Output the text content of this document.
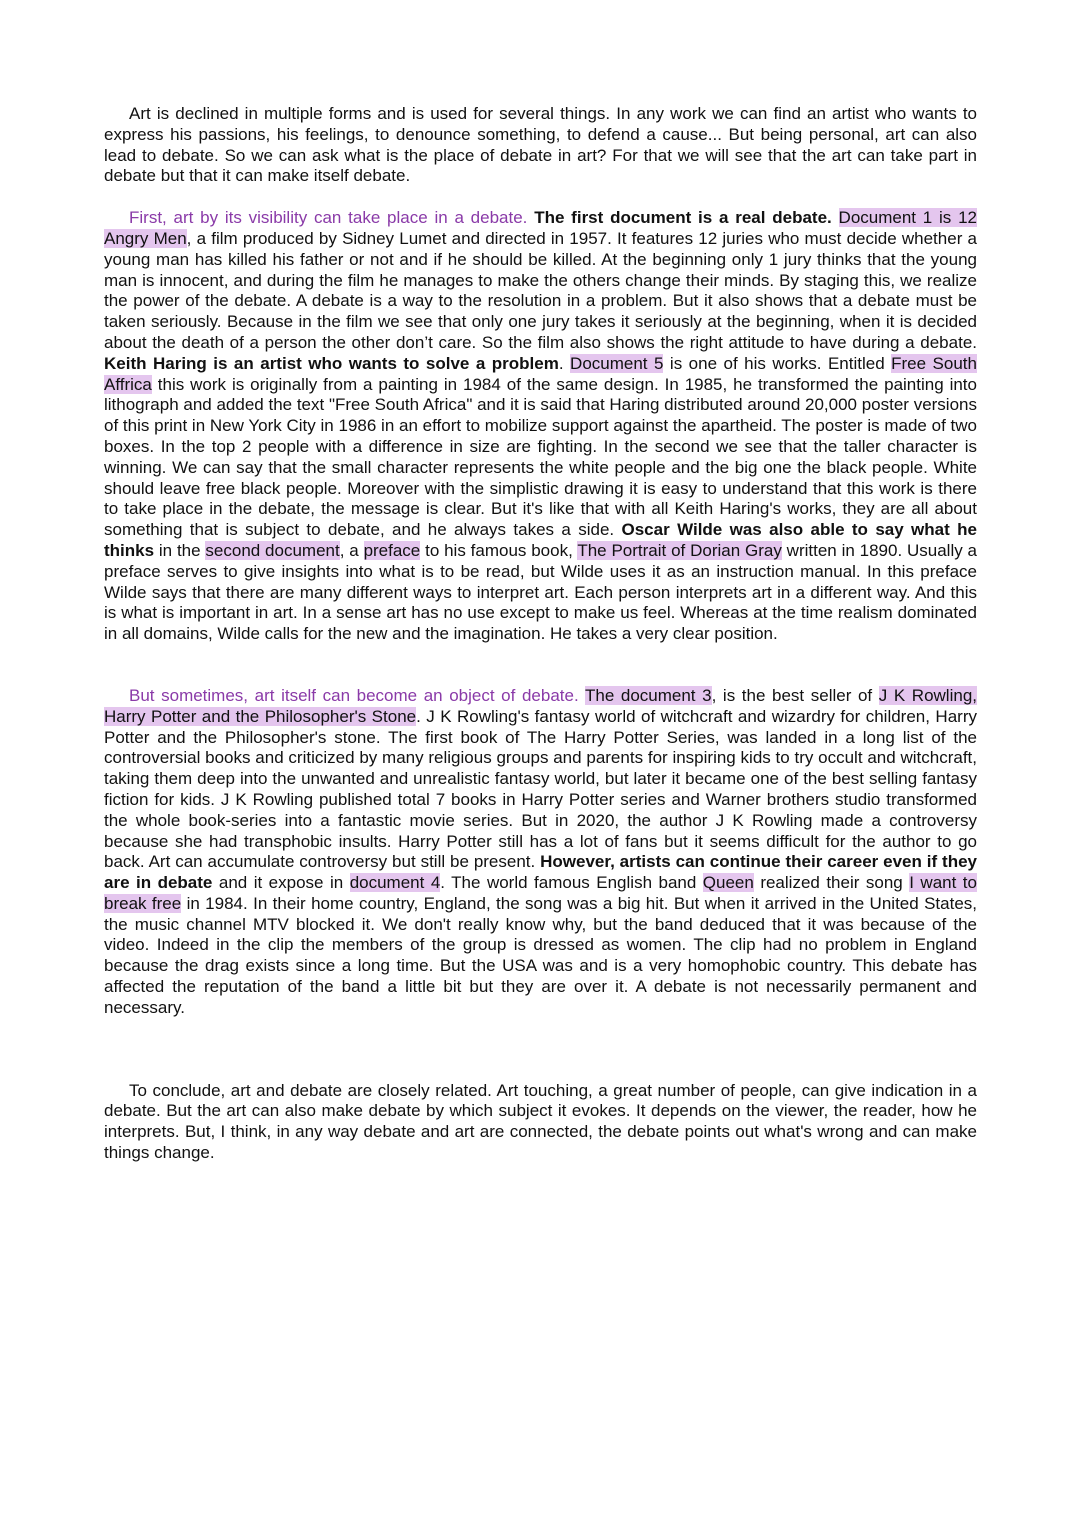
Art is declined in multiple forms and is used for several things. In any work we can find an artist who wants to express his passions, his feelings, to denounce something, to defend a cause... But being personal, art can also lead to debate. So we can ask what is the place of debate in art? For that we will see that the art can take part in debate but that it can make itself debate.

First, art by its visibility can take place in a debate. The first document is a real debate. Document 1 is 12 Angry Men, a film produced by Sidney Lumet and directed in 1957. It features 12 juries who must decide whether a young man has killed his father or not and if he should be killed. At the beginning only 1 jury thinks that the young man is innocent, and during the film he manages to make the others change their minds. By staging this, we realize the power of the debate. A debate is a way to the resolution in a problem. But it also shows that a debate must be taken seriously. Because in the film we see that only one jury takes it seriously at the beginning, when it is decided about the death of a person the other don’t care. So the film also shows the right attitude to have during a debate. Keith Haring is an artist who wants to solve a problem. Document 5 is one of his works. Entitled Free South Affrica this work is originally from a painting in 1984 of the same design. In 1985, he transformed the painting into lithograph and added the text "Free South Africa" and it is said that Haring distributed around 20,000 poster versions of this print in New York City in 1986 in an effort to mobilize support against the apartheid. The poster is made of two boxes. In the top 2 people with a difference in size are fighting. In the second we see that the taller character is winning. We can say that the small character represents the white people and the big one the black people. White should leave free black people. Moreover with the simplistic drawing it is easy to understand that this work is there to take place in the debate, the message is clear. But it's like that with all Keith Haring's works, they are all about something that is subject to debate, and he always takes a side. Oscar Wilde was also able to say what he thinks in the second document, a preface to his famous book, The Portrait of Dorian Gray written in 1890. Usually a preface serves to give insights into what is to be read, but Wilde uses it as an instruction manual. In this preface Wilde says that there are many different ways to interpret art. Each person interprets art in a different way. And this is what is important in art. In a sense art has no use except to make us feel. Whereas at the time realism dominated in all domains, Wilde calls for the new and the imagination. He takes a very clear position.

But sometimes, art itself can become an object of debate. The document 3, is the best seller of J K Rowling, Harry Potter and the Philosopher's Stone. J K Rowling's fantasy world of witchcraft and wizardry for children, Harry Potter and the Philosopher's stone. The first book of The Harry Potter Series, was landed in a long list of the controversial books and criticized by many religious groups and parents for inspiring kids to try occult and witchcraft, taking them deep into the unwanted and unrealistic fantasy world, but later it became one of the best selling fantasy fiction for kids. J K Rowling published total 7 books in Harry Potter series and Warner brothers studio transformed the whole book-series into a fantastic movie series. But in 2020, the author J K Rowling made a controversy because she had transphobic insults. Harry Potter still has a lot of fans but it seems difficult for the author to go back. Art can accumulate controversy but still be present. However, artists can continue their career even if they are in debate and it expose in document 4. The world famous English band Queen realized their song I want to break free in 1984. In their home country, England, the song was a big hit. But when it arrived in the United States, the music channel MTV blocked it. We don't really know why, but the band deduced that it was because of the video. Indeed in the clip the members of the group is dressed as women. The clip had no problem in England because the drag exists since a long time. But the USA was and is a very homophobic country. This debate has affected the reputation of the band a little bit but they are over it. A debate is not necessarily permanent and necessary.

To conclude, art and debate are closely related. Art touching, a great number of people, can give indication in a debate. But the art can also make debate by which subject it evokes. It depends on the viewer, the reader, how he interprets. But, I think, in any way debate and art are connected, the debate points out what's wrong and can make things change.
